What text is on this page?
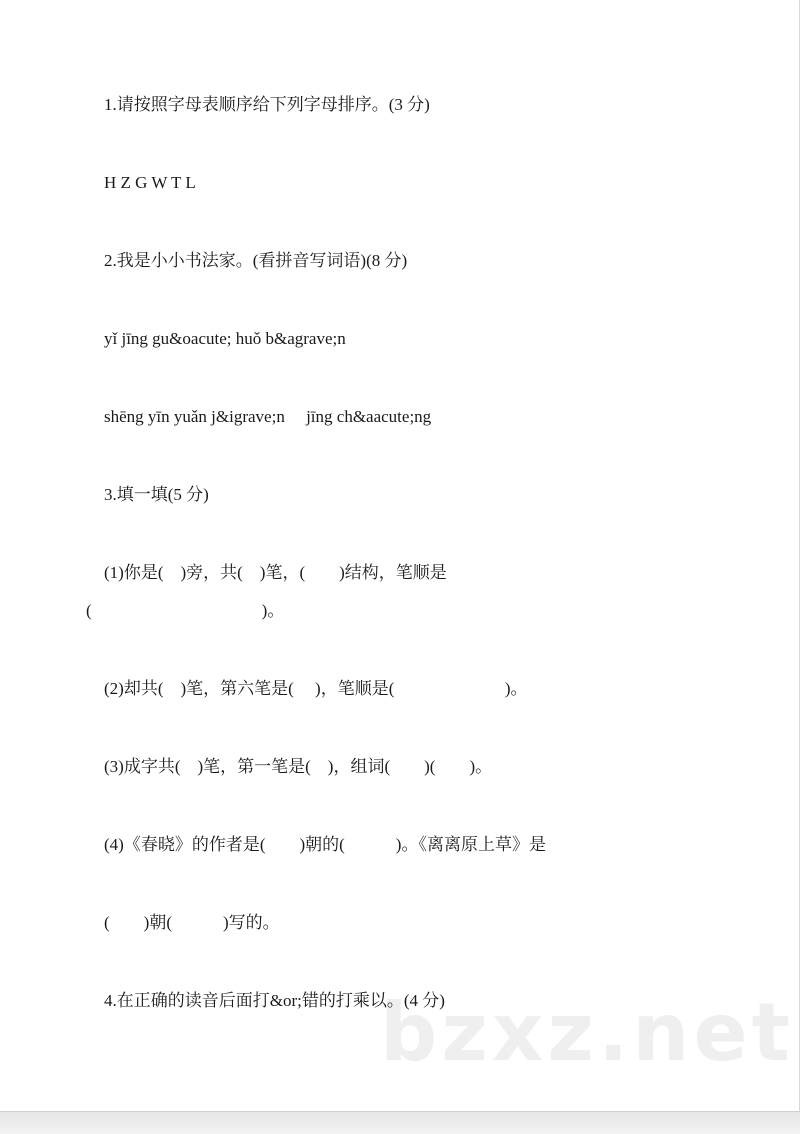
1.请按照字母表顺序给下列字母排序。(3 分)
H Z G W T L
2.我是小小书法家。(看拼音写词语)(8 分)
yǐ jīng gu&oacute; huǒ b&agrave;n
shēng yīn yuǎn j&igrave;n     jīng ch&aacute;ng
3.填一填(5 分)
(1)你是(    )旁，共(    )笔，(        )结构，笔顺是
(                                        )。
(2)却共(    )笔，第六笔是(     )，笔顺是(                          )。
(3)成字共(    )笔，第一笔是(    )，组词(        )(        )。
(4)《春晓》的作者是(        )朝的(            )。《离离原上草》是
(        )朝(            )写的。
4.在正确的读音后面打&or;错的打乘以。(4 分)
bzxz.net
